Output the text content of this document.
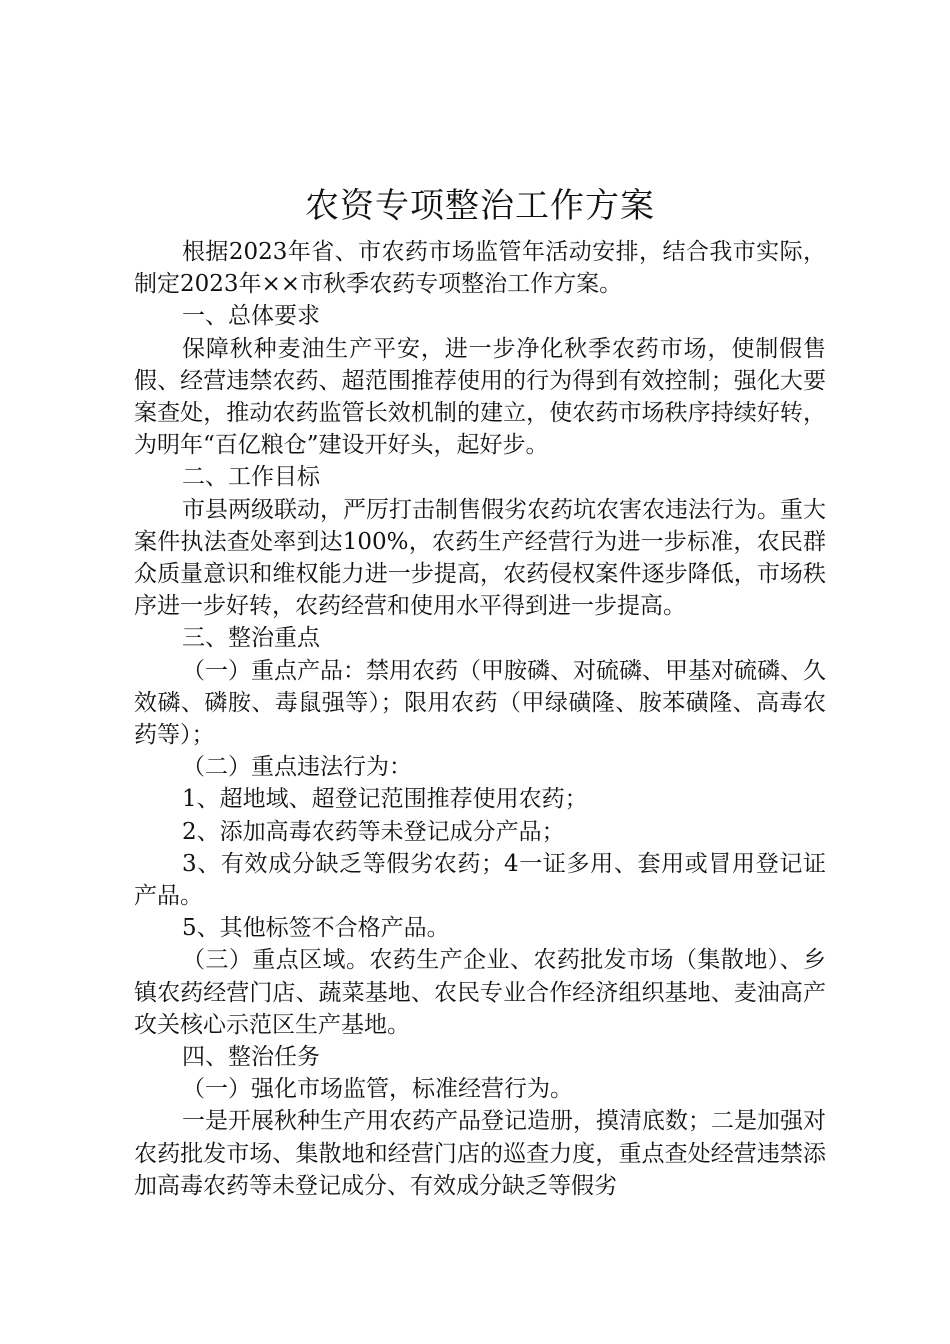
农资专项整治工作方案

根据2023年省、市农药市场监管年活动安排，结合我市实际，制定2023年××市秋季农药专项整治工作方案。

一、总体要求

保障秋种麦油生产平安，进一步净化秋季农药市场，使制假售假、经营违禁农药、超范围推荐使用的行为得到有效控制；强化大要案查处，推动农药监管长效机制的建立，使农药市场秩序持续好转，为明年“百亿粮仓”建设开好头，起好步。

二、工作目标

市县两级联动，严厉打击制售假劣农药坑农害农违法行为。重大案件执法查处率到达100%，农药生产经营行为进一步标准，农民群众质量意识和维权能力进一步提高，农药侵权案件逐步降低，市场秩序进一步好转，农药经营和使用水平得到进一步提高。

三、整治重点

（一）重点产品：禁用农药（甲胺磷、对硫磷、甲基对硫磷、久效磷、磷胺、毒鼠强等）；限用农药（甲绿磺隆、胺苯磺隆、高毒农药等）；

（二）重点违法行为：

1、超地域、超登记范围推荐使用农药；

2、添加高毒农药等未登记成分产品；

3、有效成分缺乏等假劣农药；4一证多用、套用或冒用登记证产品。

5、其他标签不合格产品。

（三）重点区域。农药生产企业、农药批发市场（集散地）、乡镇农药经营门店、蔬菜基地、农民专业合作经济组织基地、麦油高产攻关核心示范区生产基地。

四、整治任务

（一）强化市场监管，标准经营行为。

一是开展秋种生产用农药产品登记造册，摸清底数；二是加强对农药批发市场、集散地和经营门店的巡查力度，重点查处经营违禁添加高毒农药等未登记成分、有效成分缺乏等假劣
